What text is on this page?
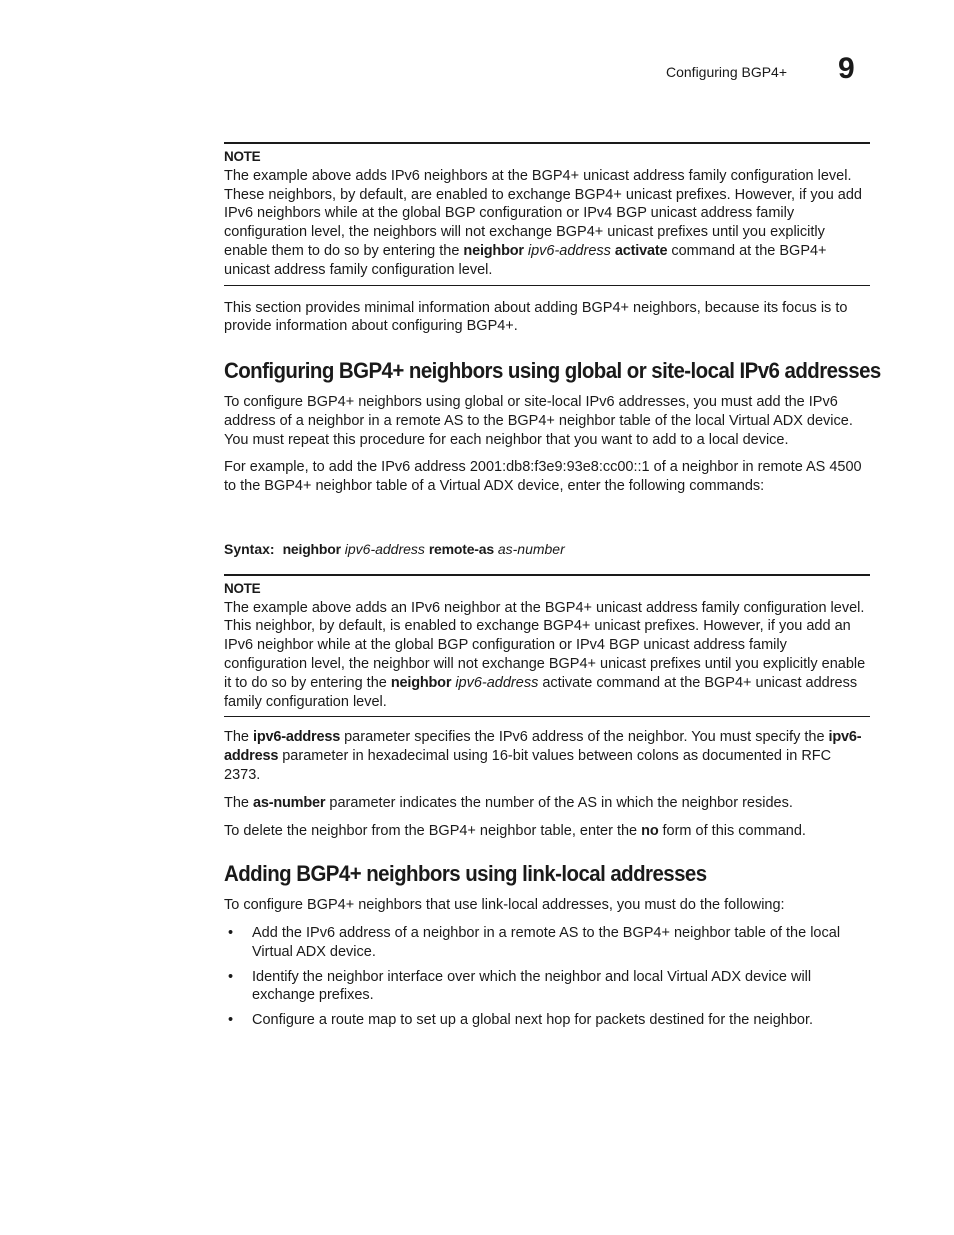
Configuring BGP4+ 9
NOTE

The example above adds IPv6 neighbors at the BGP4+ unicast address family configuration level. These neighbors, by default, are enabled to exchange BGP4+ unicast prefixes. However, if you add IPv6 neighbors while at the global BGP configuration or IPv4 BGP unicast address family configuration level, the neighbors will not exchange BGP4+ unicast prefixes until you explicitly enable them to do so by entering the neighbor ipv6-address activate command at the BGP4+ unicast address family configuration level.

This section provides minimal information about adding BGP4+ neighbors, because its focus is to provide information about configuring BGP4+.

Configuring BGP4+ neighbors using global or site-local IPv6 addresses

To configure BGP4+ neighbors using global or site-local IPv6 addresses, you must add the IPv6 address of a neighbor in a remote AS to the BGP4+ neighbor table of the local Virtual ADX device. You must repeat this procedure for each neighbor that you want to add to a local device.

For example, to add the IPv6 address 2001:db8:f3e9:93e8:cc00::1 of a neighbor in remote AS 4500 to the BGP4+ neighbor table of a Virtual ADX device, enter the following commands:

Syntax: neighbor ipv6-address remote-as as-number
NOTE

The example above adds an IPv6 neighbor at the BGP4+ unicast address family configuration level. This neighbor, by default, is enabled to exchange BGP4+ unicast prefixes. However, if you add an IPv6 neighbor while at the global BGP configuration or IPv4 BGP unicast address family configuration level, the neighbor will not exchange BGP4+ unicast prefixes until you explicitly enable it to do so by entering the neighbor ipv6-address activate command at the BGP4+ unicast address family configuration level.

The ipv6-address parameter specifies the IPv6 address of the neighbor. You must specify the ipv6-address parameter in hexadecimal using 16-bit values between colons as documented in RFC 2373.

The as-number parameter indicates the number of the AS in which the neighbor resides.

To delete the neighbor from the BGP4+ neighbor table, enter the no form of this command.

Adding BGP4+ neighbors using link-local addresses

To configure BGP4+ neighbors that use link-local addresses, you must do the following:

• Add the IPv6 address of a neighbor in a remote AS to the BGP4+ neighbor table of the local Virtual ADX device.
• Identify the neighbor interface over which the neighbor and local Virtual ADX device will exchange prefixes.
• Configure a route map to set up a global next hop for packets destined for the neighbor.
